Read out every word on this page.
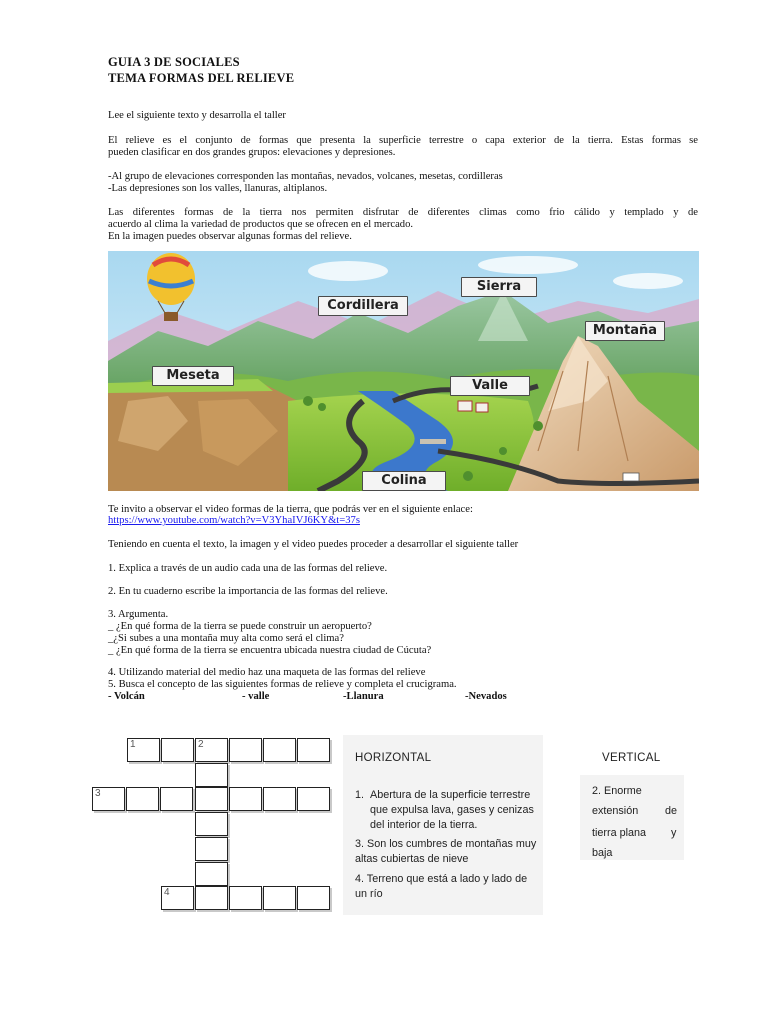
GUIA 3 DE SOCIALES
TEMA FORMAS DEL RELIEVE
Lee el siguiente texto y desarrolla el taller
El relieve es el conjunto de formas que presenta la superficie terrestre o capa exterior de la tierra. Estas formas se
pueden clasificar en dos grandes grupos: elevaciones y depresiones.
-Al grupo de elevaciones corresponden las montañas, nevados, volcanes, mesetas, cordilleras
-Las depresiones son los valles, llanuras, altiplanos.
Las diferentes formas de la tierra nos permiten disfrutar de diferentes climas como frio cálido y templado y de
acuerdo al clima la variedad de productos que se ofrecen en el mercado.
En la imagen puedes observar algunas formas del relieve.
Cordillera
Sierra
Montaña
Meseta
Valle
Colina
Te invito a observar el video formas de la tierra, que podrás ver en el siguiente enlace:
https://www.youtube.com/watch?v=V3YhaIVJ6KY&t=37s
Teniendo en cuenta el texto, la imagen y el video puedes proceder a desarrollar el siguiente taller
1. Explica a través de un audio cada una de las formas del relieve.
2. En tu cuaderno escribe la importancia de las formas del relieve.
3. Argumenta.
_ ¿En qué forma de la tierra se puede construir un aeropuerto?
_¿Si subes a una montaña muy alta como será el clima?
_ ¿En qué forma de la tierra se encuentra ubicada nuestra ciudad de Cúcuta?
4. Utilizando material del medio haz una maqueta de las formas del relieve
5. Busca el concepto de las siguientes formas de relieve y completa el crucigrama.
- Volcán	- valle	-Llanura	-Nevados
1	2
3
4
HORIZONTAL	VERTICAL
1. Abertura de la superficie terrestre
que expulsa lava, gases y cenizas
del interior de la tierra.
3. Son los cumbres de montañas muy
altas cubiertas de nieve
4. Terreno que está a lado y lado de
un río
2. Enorme
extensión de
tierra plana y
baja
